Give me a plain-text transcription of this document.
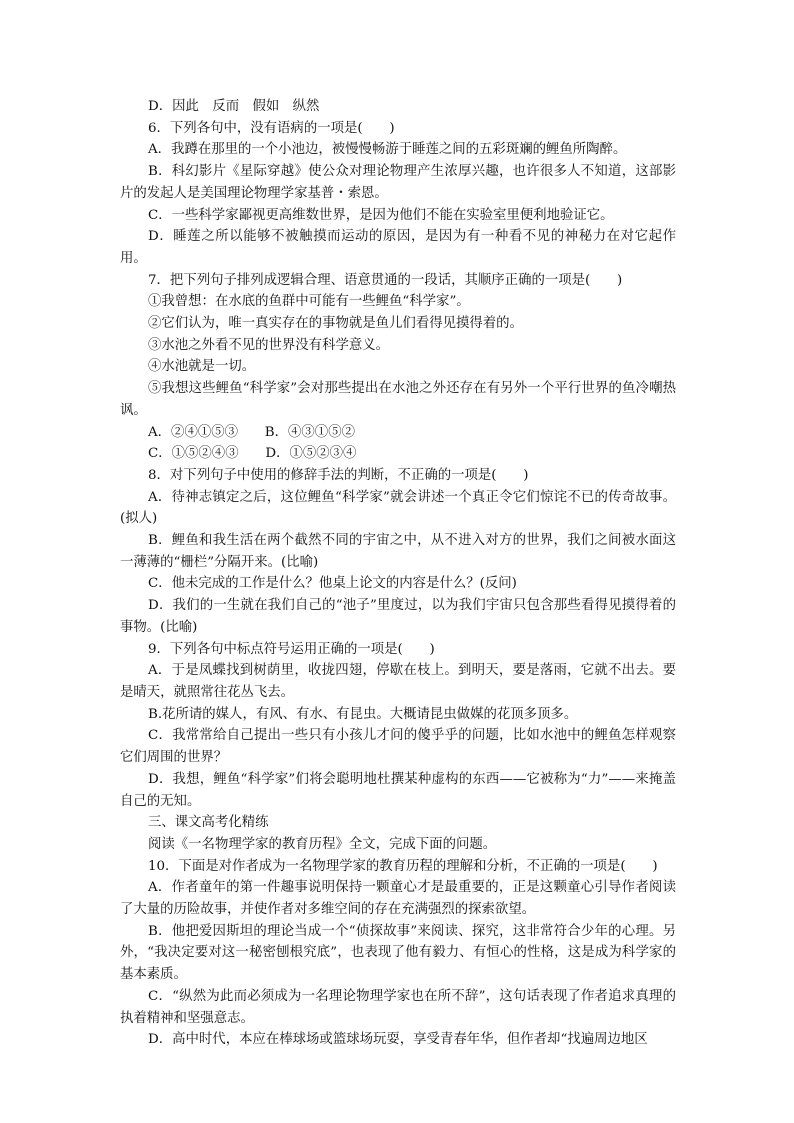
D．因此　反而　假如　纵然

6．下列各句中，没有语病的一项是(　　)

A．我蹲在那里的一个小池边，被慢慢畅游于睡莲之间的五彩斑斓的鲤鱼所陶醉。

B．科幻影片《星际穿越》使公众对理论物理产生浓厚兴趣，也许很多人不知道，这部影片的发起人是美国理论物理学家基普・索恩。

C．一些科学家鄙视更高维数世界，是因为他们不能在实验室里便利地验证它。

D．睡莲之所以能够不被触摸而运动的原因，是因为有一种看不见的神秘力在对它起作用。

7．把下列句子排列成逻辑合理、语意贯通的一段话，其顺序正确的一项是(　　)

①我曾想：在水底的鱼群中可能有一些鲤鱼“科学家”。

②它们认为，唯一真实存在的事物就是鱼儿们看得见摸得着的。

③水池之外看不见的世界没有科学意义。

④水池就是一切。

⑤我想这些鲤鱼“科学家”会对那些提出在水池之外还存在有另外一个平行世界的鱼冷嘲热讽。

A．②④①⑤③　　B．④③①⑤②

C．①⑤②④③　　D．①⑤②③④

8．对下列句子中使用的修辞手法的判断，不正确的一项是(　　)

A．待神志镇定之后，这位鲤鱼“科学家”就会讲述一个真正令它们惊诧不已的传奇故事。(拟人)

B．鲤鱼和我生活在两个截然不同的宇宙之中，从不进入对方的世界，我们之间被水面这一薄薄的“栅栏”分隔开来。(比喻)

C．他未完成的工作是什么？他桌上论文的内容是什么？(反问)

D．我们的一生就在我们自己的“池子”里度过，以为我们宇宙只包含那些看得见摸得着的事物。(比喻)

9．下列各句中标点符号运用正确的一项是(　　)

A．于是凤蝶找到树荫里，收拢四翅，停歇在枝上。到明天，要是落雨，它就不出去。要是晴天，就照常往花丛飞去。

B.花所请的媒人，有风、有水、有昆虫。大概请昆虫做媒的花顶多顶多。

C．我常常给自己提出一些只有小孩儿才问的傻乎乎的问题，比如水池中的鲤鱼怎样观察它们周围的世界？

D．我想，鲤鱼“科学家”们将会聪明地杜撰某种虚构的东西——它被称为“力”——来掩盖自己的无知。

三、课文高考化精练

阅读《一名物理学家的教育历程》全文，完成下面的问题。

10．下面是对作者成为一名物理学家的教育历程的理解和分析，不正确的一项是(　　)

A．作者童年的第一件趣事说明保持一颗童心才是最重要的，正是这颗童心引导作者阅读了大量的历险故事，并使作者对多维空间的存在充满强烈的探索欲望。

B．他把爱因斯坦的理论当成一个“侦探故事”来阅读、探究，这非常符合少年的心理。另外，“我决定要对这一秘密刨根究底”，也表现了他有毅力、有恒心的性格，这是成为科学家的基本素质。

C．“纵然为此而必须成为一名理论物理学家也在所不辞”，这句话表现了作者追求真理的执着精神和坚强意志。

D．高中时代，本应在棒球场或篮球场玩耍，享受青春年华，但作者却“找遍周边地区
